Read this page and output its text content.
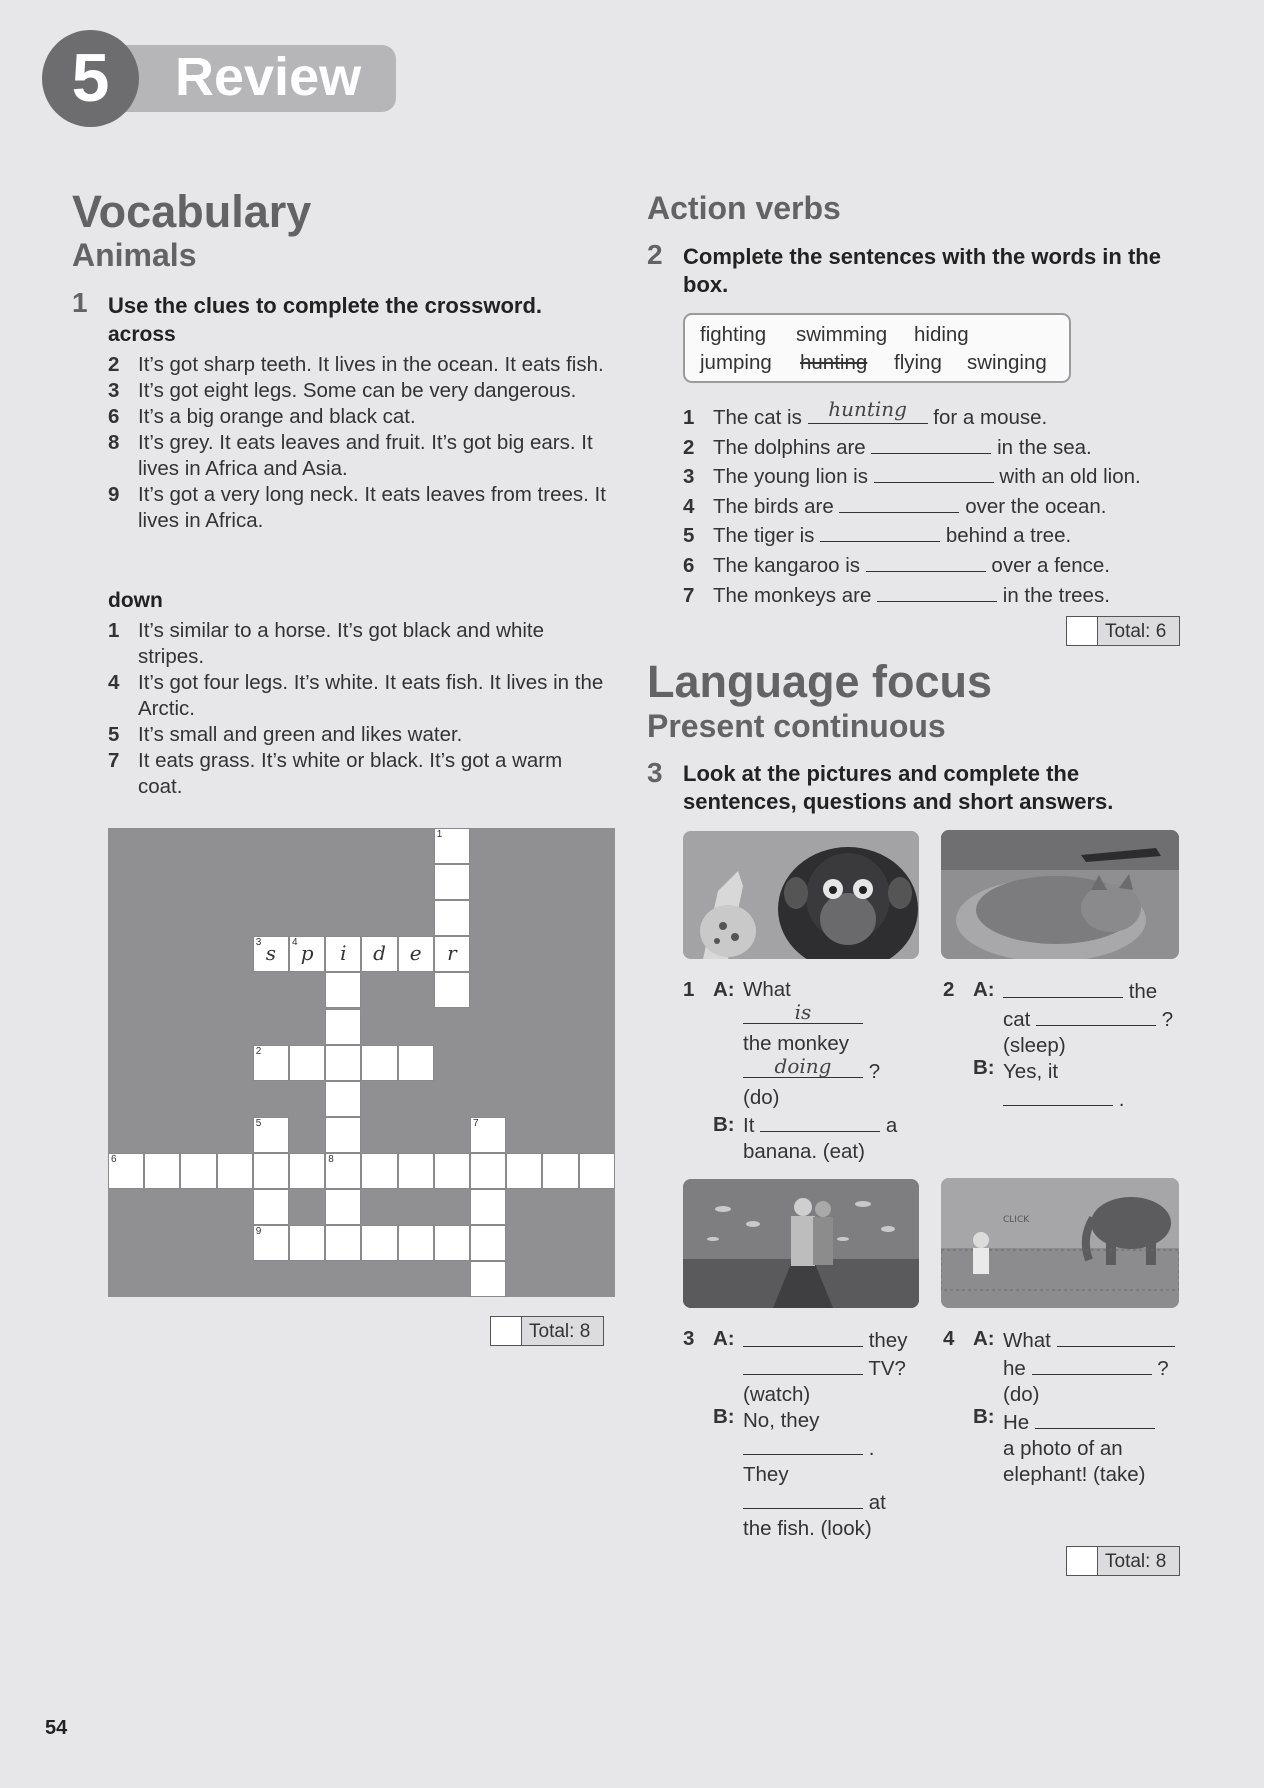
5	Review
Vocabulary
Animals
1 Use the clues to complete the crossword.
across
2 It’s got sharp teeth. It lives in the ocean. It eats fish.
3 It’s got eight legs. Some can be very dangerous.
6 It’s a big orange and black cat.
8 It’s grey. It eats leaves and fruit. It’s got big ears. It lives in Africa and Asia.
9 It’s got a very long neck. It eats leaves from trees. It lives in Africa.
down
1 It’s similar to a horse. It’s got black and white stripes.
4 It’s got four legs. It’s white. It eats fish. It lives in the Arctic.
5 It’s small and green and likes water.
7 It eats grass. It’s white or black. It’s got a warm coat.
1
r
3 s	4 p	i	d	e
8
2
5
9
6
7
Total: 8
Action verbs
2 Complete the sentences with the words in the box.
fighting swimming hiding
jumping hunting flying swinging
1 The cat is	hunting	for a mouse.
2 The dolphins are	in the sea.
3 The young lion is	with an old lion.
4 The birds are	over the ocean.
5 The tiger is	behind a tree.
6 The kangaroo is	over a fence.
7 The monkeys are	in the trees.
Total: 6
Language focus
Present continuous
3 Look at the pictures and complete the sentences, questions and short answers.
1 A: What

is

the monkey

doing	?
(do)
B: It	a
banana. (eat)
2 A:	the
cat	?
(sleep)
B: Yes, it
.
CLICK
3 A:	they
TV?
(watch)
B: No, they
.
They
at
the fish. (look)
4 A: What
he	?
(do)
B: He
a photo of an
elephant! (take)
Total: 8
54
